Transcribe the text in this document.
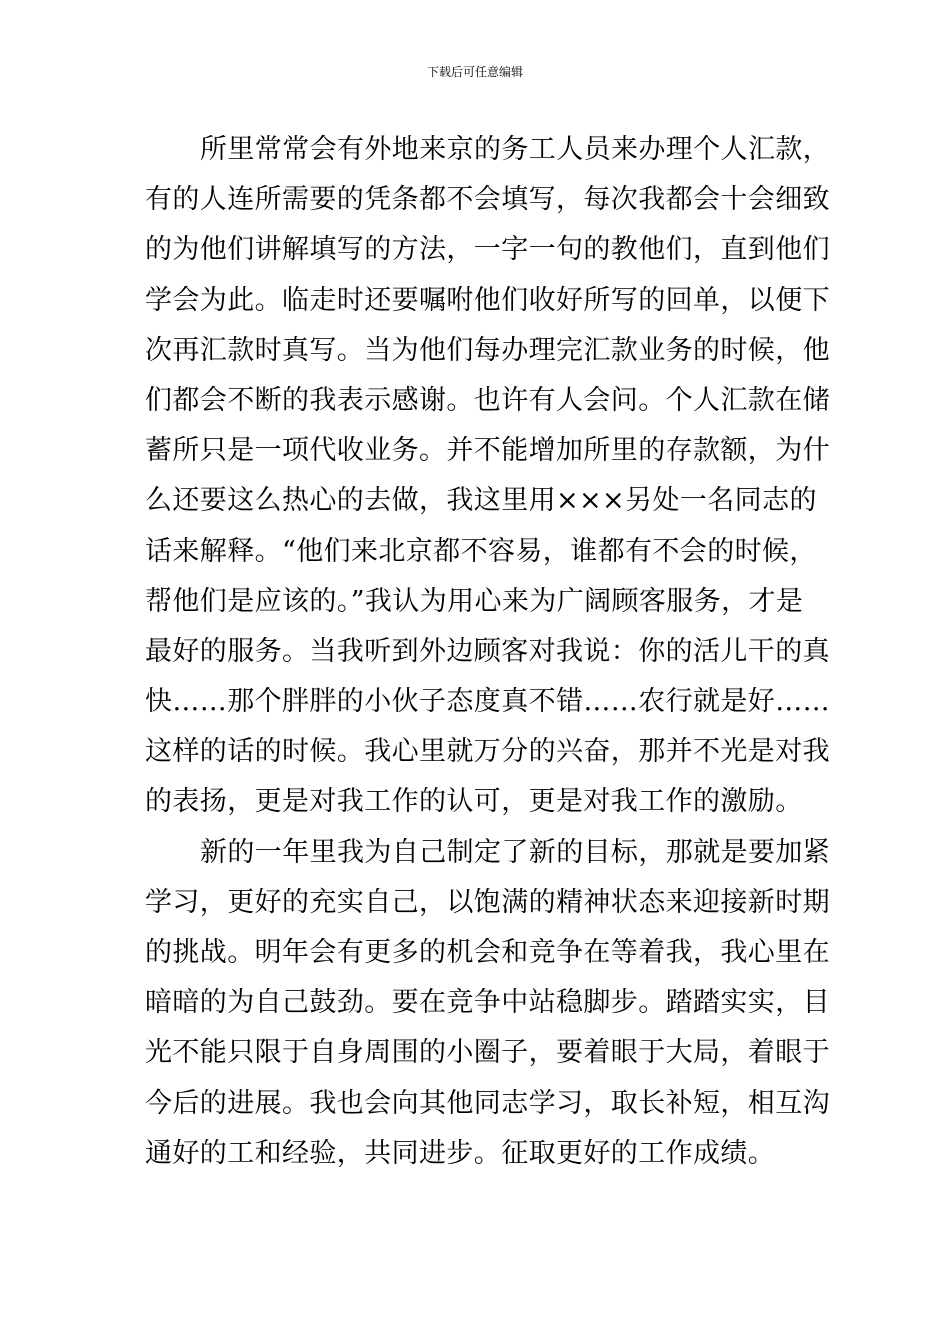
下载后可任意编辑
所里常常会有外地来京的务工人员来办理个人汇款，
有的人连所需要的凭条都不会填写，每次我都会十会细致
的为他们讲解填写的方法，一字一句的教他们，直到他们
学会为此。临走时还要嘱咐他们收好所写的回单，以便下
次再汇款时真写。当为他们每办理完汇款业务的时候，他
们都会不断的我表示感谢。也许有人会问。个人汇款在储
蓄所只是一项代收业务。并不能增加所里的存款额，为什
么还要这么热心的去做，我这里用×××另处一名同志的
话来解释。“他们来北京都不容易，谁都有不会的时候，
帮他们是应该的。”我认为用心来为广阔顾客服务，才是
最好的服务。当我听到外边顾客对我说：你的活儿干的真
快……那个胖胖的小伙子态度真不错……农行就是好……
这样的话的时候。我心里就万分的兴奋，那并不光是对我
的表扬，更是对我工作的认可，更是对我工作的激励。
新的一年里我为自己制定了新的目标，那就是要加紧
学习，更好的充实自己，以饱满的精神状态来迎接新时期
的挑战。明年会有更多的机会和竞争在等着我，我心里在
暗暗的为自己鼓劲。要在竞争中站稳脚步。踏踏实实，目
光不能只限于自身周围的小圈子，要着眼于大局，着眼于
今后的进展。我也会向其他同志学习，取长补短，相互沟
通好的工和经验，共同进步。征取更好的工作成绩。
